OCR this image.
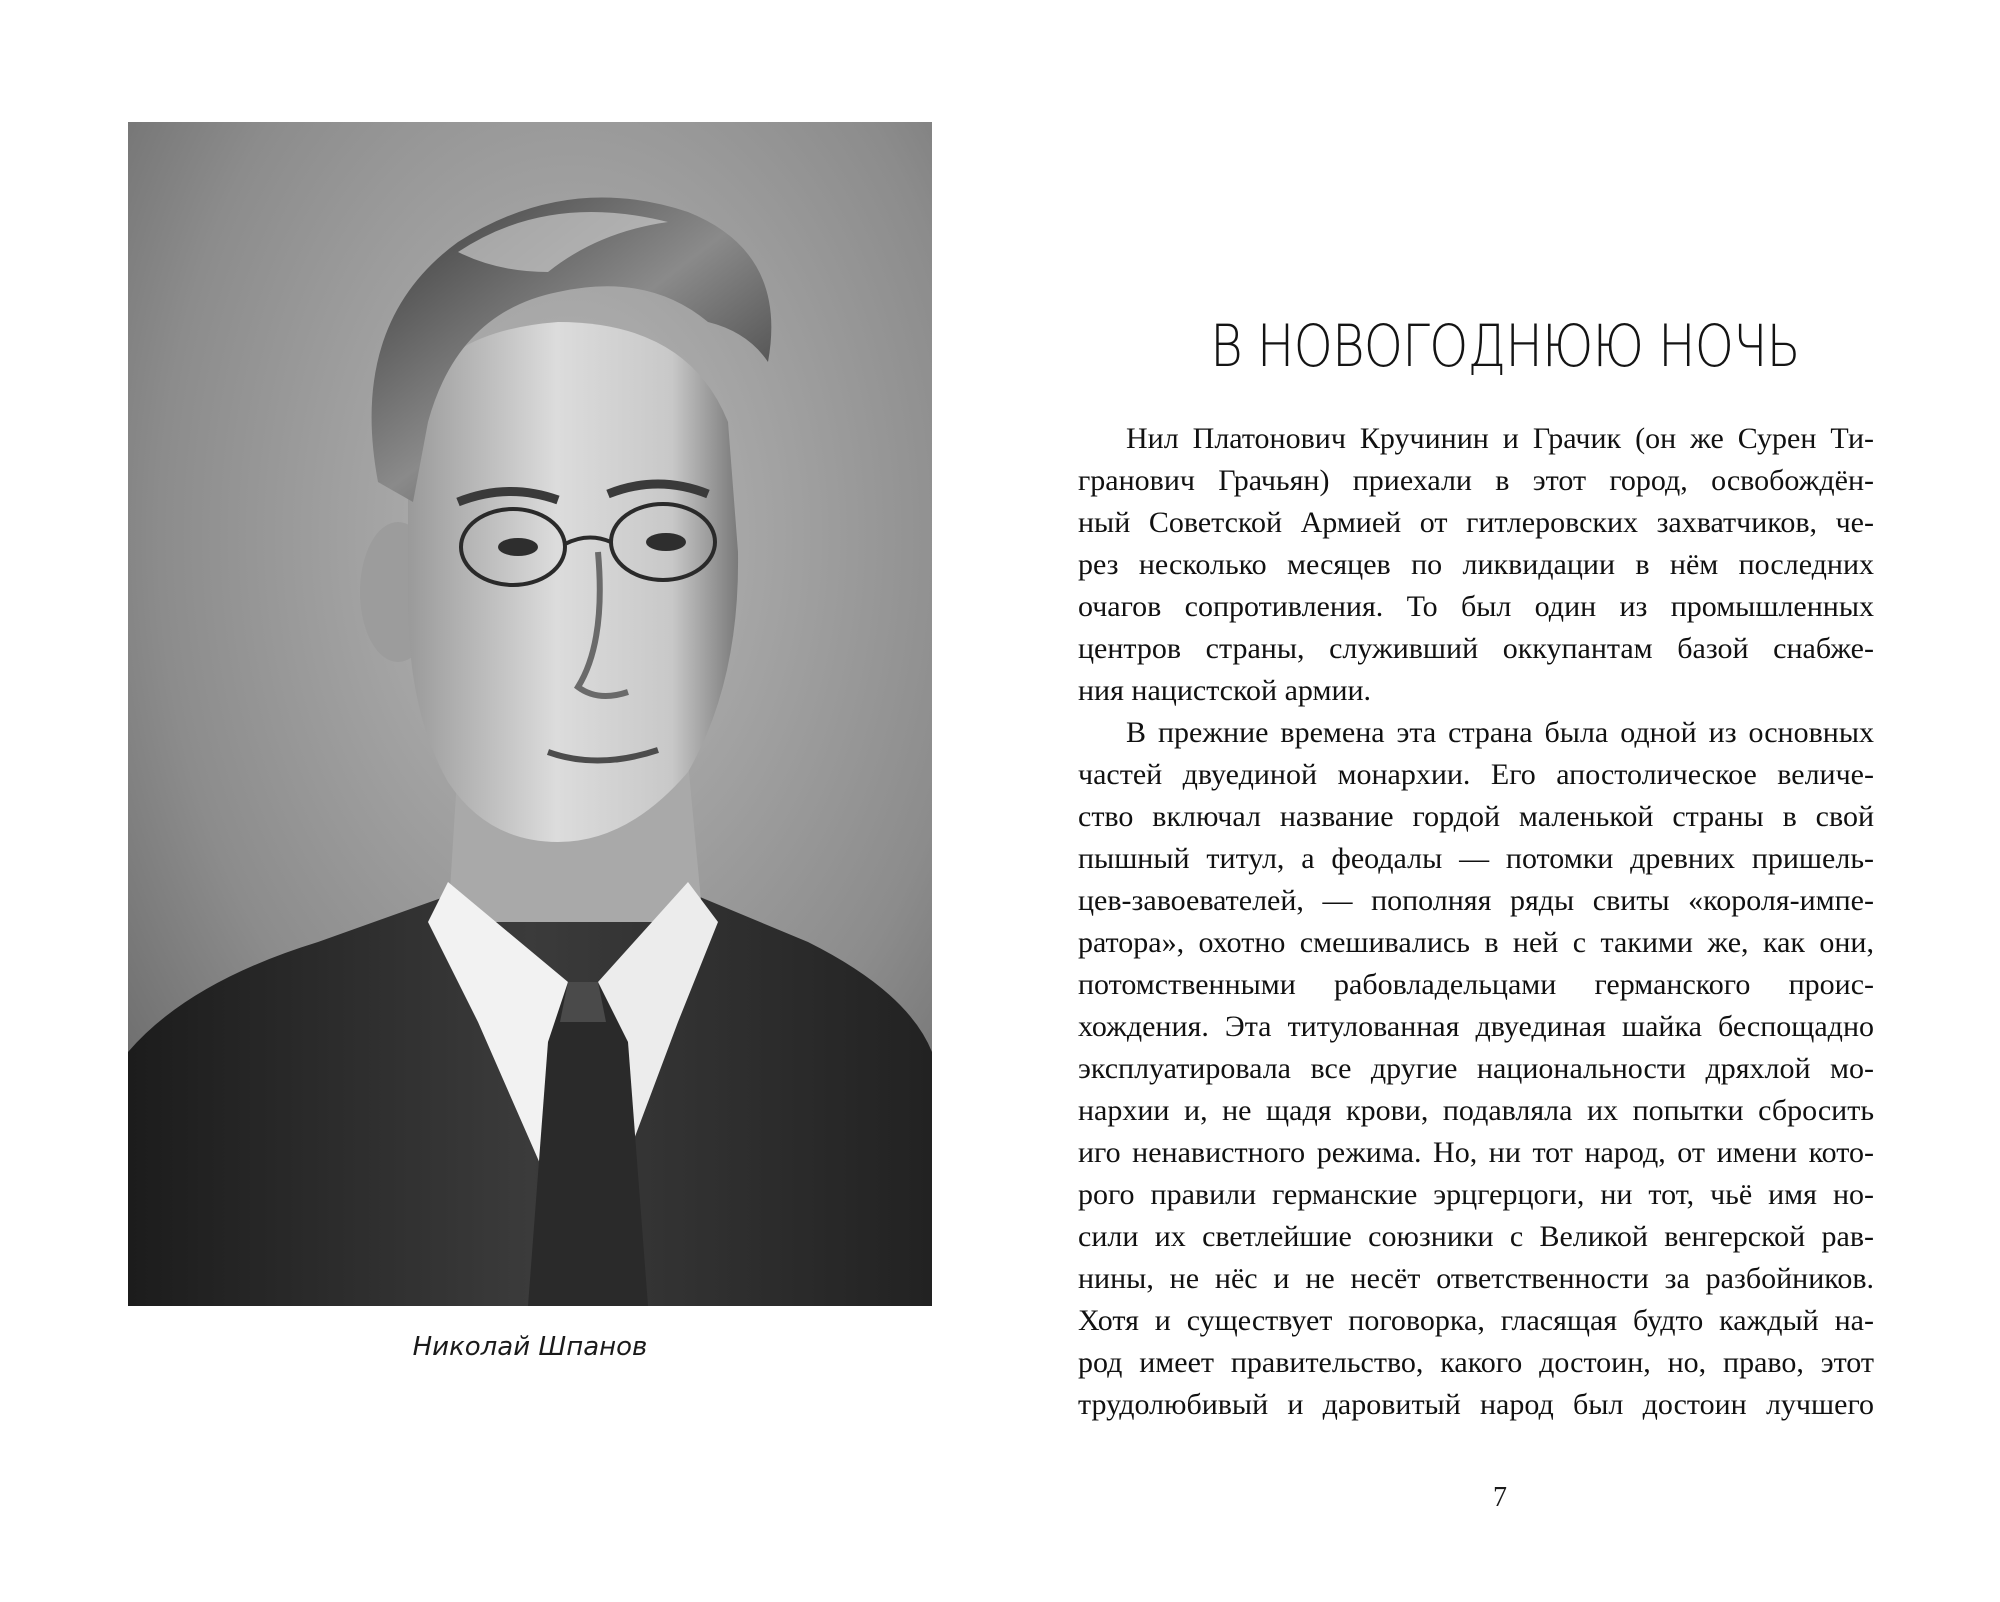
Николай Шпанов
В НОВОГОДНЮЮ НОЧЬ

Нил Платонович Кручинин и Грачик (он же Сурен Ти-
гранович Грачьян) приехали в этот город, освобождён-
ный Советской Армией от гитлеровских захватчиков, че-
рез несколько месяцев по ликвидации в нём последних
очагов сопротивления. То был один из промышленных
центров страны, служивший оккупантам базой снабже-
ния нацистской армии.

В прежние времена эта страна была одной из основных
частей двуединой монархии. Его апостолическое величе-
ство включал название гордой маленькой страны в свой
пышный титул, а феодалы — потомки древних пришель-
цев-завоевателей, — пополняя ряды свиты «короля-импе-
ратора», охотно смешивались в ней с такими же, как они,
потомственными рабовладельцами германского проис-
хождения. Эта титулованная двуединая шайка беспощадно
эксплуатировала все другие национальности дряхлой мо-
нархии и, не щадя крови, подавляла их попытки сбросить
иго ненавистного режима. Но, ни тот народ, от имени кото-
рого правили германские эрцгерцоги, ни тот, чьё имя но-
сили их светлейшие союзники с Великой венгерской рав-
нины, не нёс и не несёт ответственности за разбойников.
Хотя и существует поговорка, гласящая будто каждый на-
род имеет правительство, какого достоин, но, право, этот
трудолюбивый и даровитый народ был достоин лучшего

7
